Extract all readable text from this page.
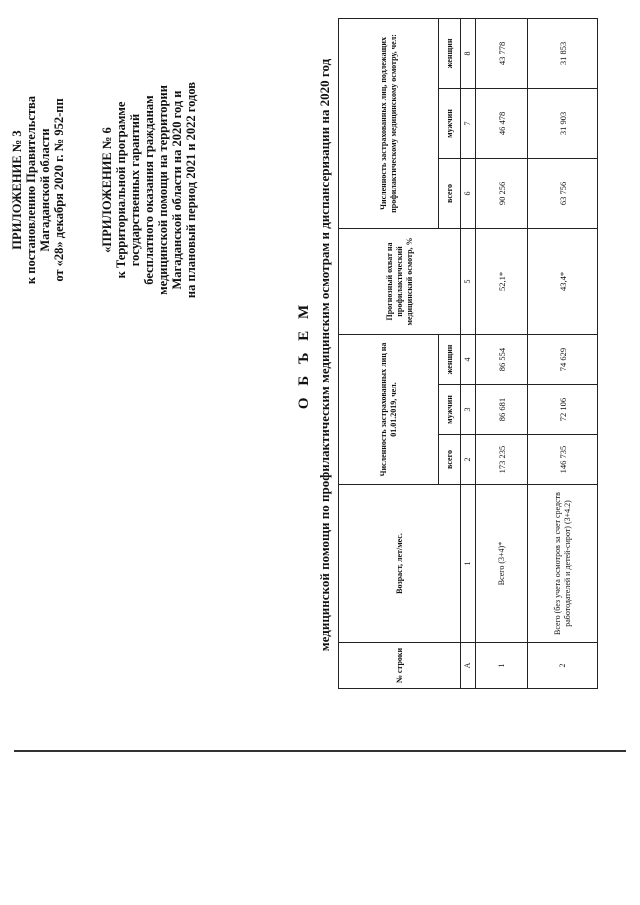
ПРИЛОЖЕНИЕ № 3 к постановлению Правительства Магаданской области от «28» декабря 2020 г. № 952-пп	«ПРИЛОЖЕНИЕ № 6 к Территориальной программе государственных гарантий бесплатного оказания гражданам медицинской помощи на территории Магаданской области на 2020 год и на плановый период 2021 и 2022 годов
О Б Ъ Е М медицинской помощи по профилактическим медицинским осмотрам и диспансеризации на 2020 год
№ строки	Возраст, лет/мес.	Численность застрахованных лиц на 01.01.2019, чел.			Прогнозный охват на профилактический медицинский осмотр, %	Численность застрахованных лиц, подлежащих профилактическому медицинскому осмотру, чел:		
		всего	мужчин	женщин		всего	мужчин	женщин
А	1	2	3	4	5	6	7	8
1	Всего (3+4)*	173 235	86 681	86 554	52,1*	90 256	46 478	43 778
2	Всего (без учета осмотров за счет средств работодателей и детей-сирот) (3+4.2)	146 735	72 106	74 629	43,4*	63 756	31 903	31 853
